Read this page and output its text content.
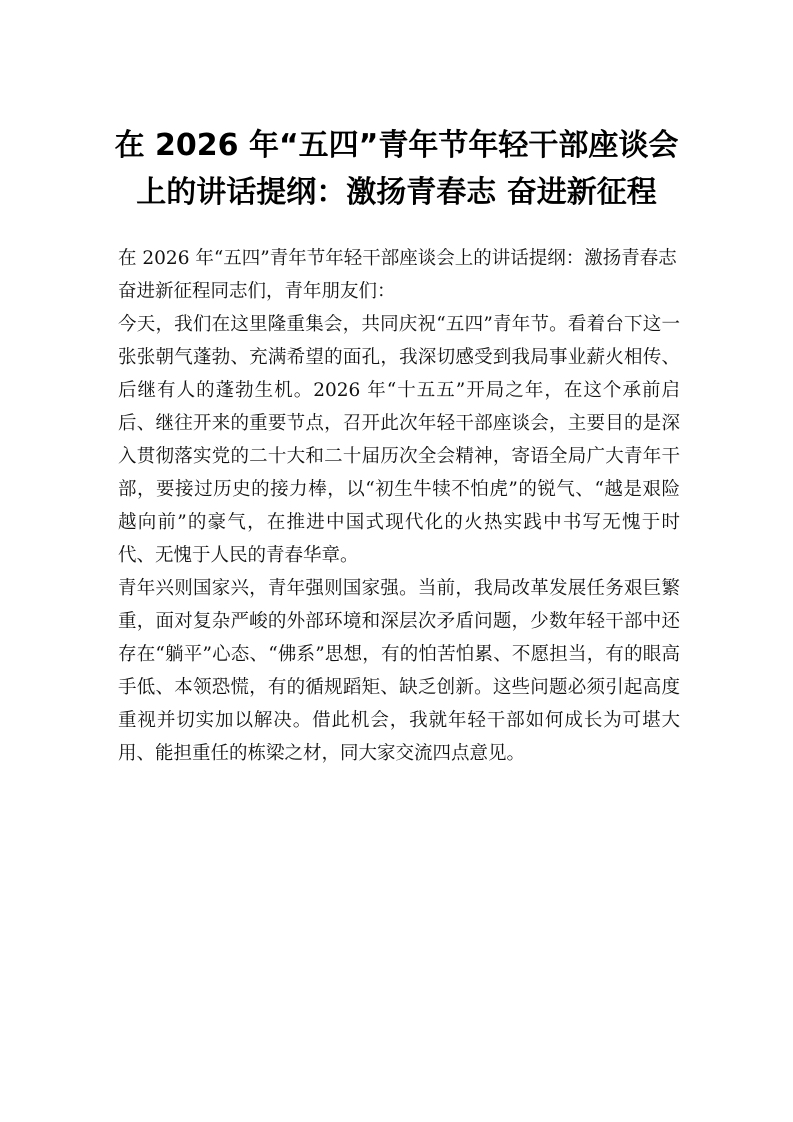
在 2026 年“五四”青年节年轻干部座谈会
上的讲话提纲：激扬青春志 奋进新征程

在 2026 年“五四”青年节年轻干部座谈会上的讲话提纲：激扬青春志

奋进新征程同志们，青年朋友们：

今天，我们在这里隆重集会，共同庆祝“五四”青年节。看着台下这一张张朝气蓬勃、充满希望的面孔，我深切感受到我局事业薪火相传、后继有人的蓬勃生机。2026 年“十五五”开局之年，在这个承前启后、继往开来的重要节点，召开此次年轻干部座谈会，主要目的是深入贯彻落实党的二十大和二十届历次全会精神，寄语全局广大青年干部，要接过历史的接力棒，以“初生牛犊不怕虎”的锐气、“越是艰险越向前”的豪气，在推进中国式现代化的火热实践中书写无愧于时代、无愧于人民的青春华章。

青年兴则国家兴，青年强则国家强。当前，我局改革发展任务艰巨繁重，面对复杂严峻的外部环境和深层次矛盾问题，少数年轻干部中还存在“躺平”心态、“佛系”思想，有的怕苦怕累、不愿担当，有的眼高手低、本领恐慌，有的循规蹈矩、缺乏创新。这些问题必须引起高度重视并切实加以解决。借此机会，我就年轻干部如何成长为可堪大用、能担重任的栋梁之材，同大家交流四点意见。
